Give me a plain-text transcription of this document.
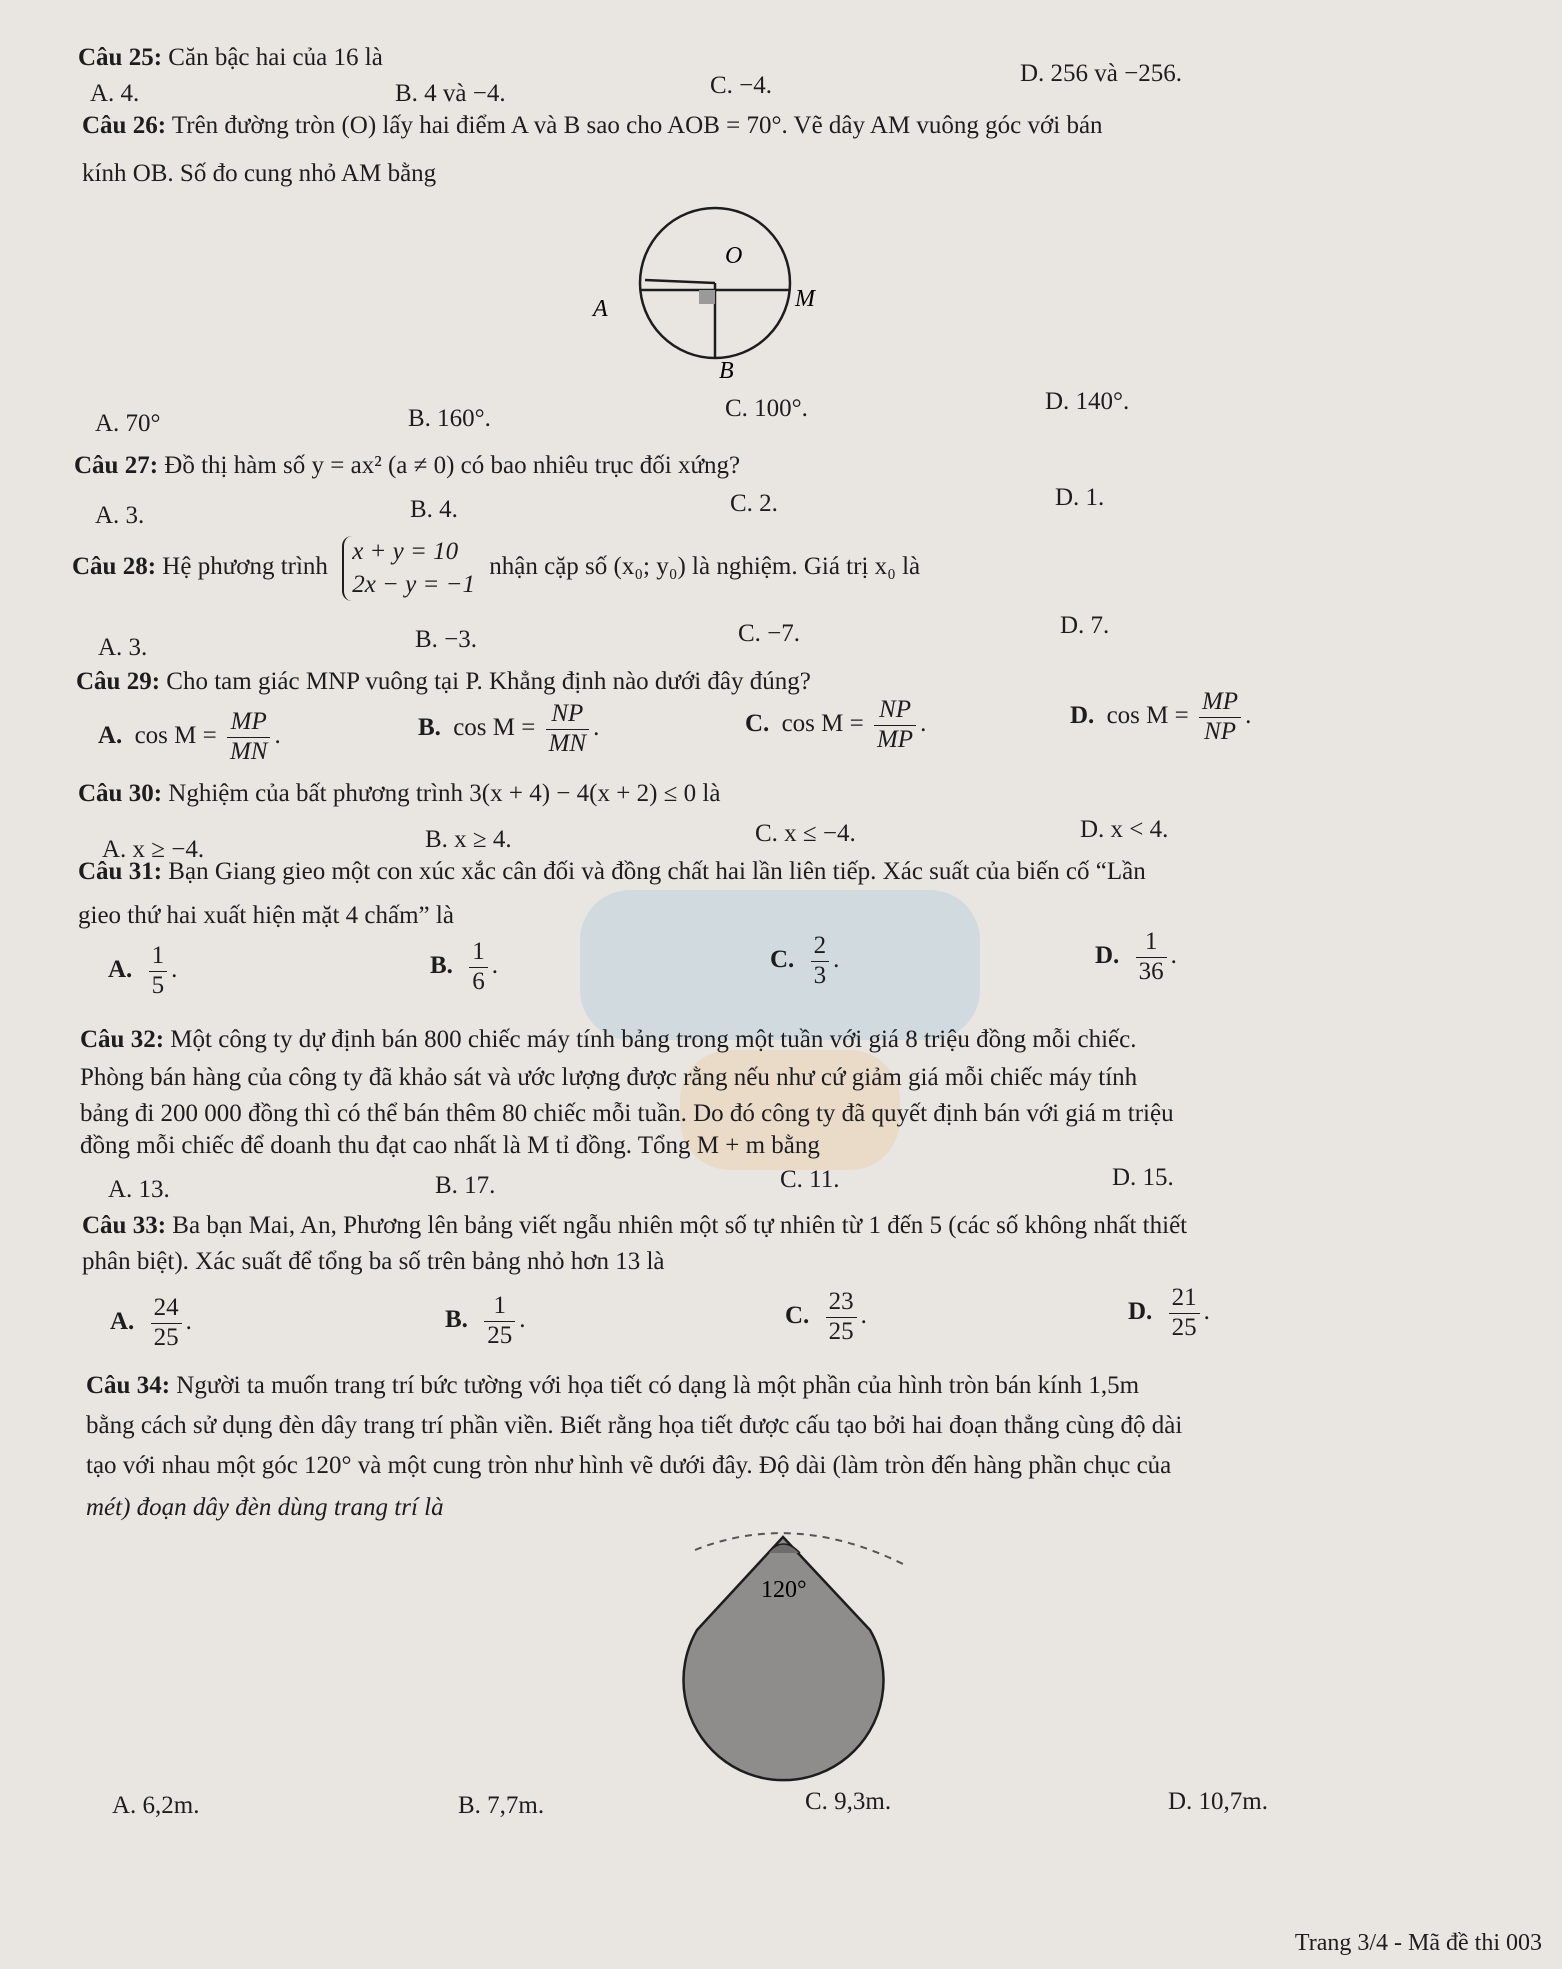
Câu 25: Căn bậc hai của 16 là
A. 4.	B. 4 và −4.	C. −4.	D. 256 và −256.
Câu 26: Trên đường tròn (O) lấy hai điểm A và B sao cho AOB = 70°. Vẽ dây AM vuông góc với bán
kính OB. Số đo cung nhỏ AM bằng
O
A	M
B
A. 70°	B. 160°.	C. 100°.	D. 140°.
Câu 27: Đồ thị hàm số y = ax² (a ≠ 0) có bao nhiêu trục đối xứng?
A. 3.	B. 4.	C. 2.	D. 1.
Câu 28: Hệ phương trình
x + y = 10
2x − y = −1
nhận cặp số (x₀; y₀) là nghiệm. Giá trị x₀ là
A. 3.	B. −3.	C. −7.	D. 7.
Câu 29: Cho tam giác MNP vuông tại P. Khẳng định nào dưới đây đúng?
A. $\cos M = \frac{MP}{MN}$ .	B. $\cos M = \frac{NP}{MN}$ .	C. $\cos M = \frac{NP}{MP}$ .	D. $\cos M = \frac{MP}{NP}$ .
Câu 30: Nghiệm của bất phương trình 3(x + 4) − 4(x + 2) ≤ 0 là
A. x ≥ −4.	B. x ≥ 4.	C. x ≤ −4.	D. x < 4.
Câu 31: Bạn Giang gieo một con xúc xắc cân đối và đồng chất hai lần liên tiếp. Xác suất của biến cố “Lần
gieo thứ hai xuất hiện mặt 4 chấm” là
A. $\frac{1}{5}$ .	B. $\frac{1}{6}$ .	C. $\frac{2}{3}$ .	D. $\frac{1}{36}$ .
Câu 32: Một công ty dự định bán 800 chiếc máy tính bảng trong một tuần với giá 8 triệu đồng mỗi chiếc.
Phòng bán hàng của công ty đã khảo sát và ước lượng được rằng nếu như cứ giảm giá mỗi chiếc máy tính
bảng đi 200 000 đồng thì có thể bán thêm 80 chiếc mỗi tuần. Do đó công ty đã quyết định bán với giá m triệu
đồng mỗi chiếc để doanh thu đạt cao nhất là M tỉ đồng. Tổng M + m bằng
A. 13.	B. 17.	C. 11.	D. 15.
Câu 33: Ba bạn Mai, An, Phương lên bảng viết ngẫu nhiên một số tự nhiên từ 1 đến 5 (các số không nhất thiết
phân biệt). Xác suất để tổng ba số trên bảng nhỏ hơn 13 là
A. $\frac{24}{25}$ .	B. $\frac{1}{25}$ .	C. $\frac{23}{25}$ .	D. $\frac{21}{25}$ .
Câu 34: Người ta muốn trang trí bức tường với họa tiết có dạng là một phần của hình tròn bán kính 1,5m
bằng cách sử dụng đèn dây trang trí phần viền. Biết rằng họa tiết được cấu tạo bởi hai đoạn thẳng cùng độ dài
tạo với nhau một góc 120° và một cung tròn như hình vẽ dưới đây. Độ dài (làm tròn đến hàng phần chục của
mét) đoạn dây đèn dùng trang trí là
120°
A. 6,2m.	B. 7,7m.	C. 9,3m.	D. 10,7m.
Trang 3/4 - Mã đề thi 003
